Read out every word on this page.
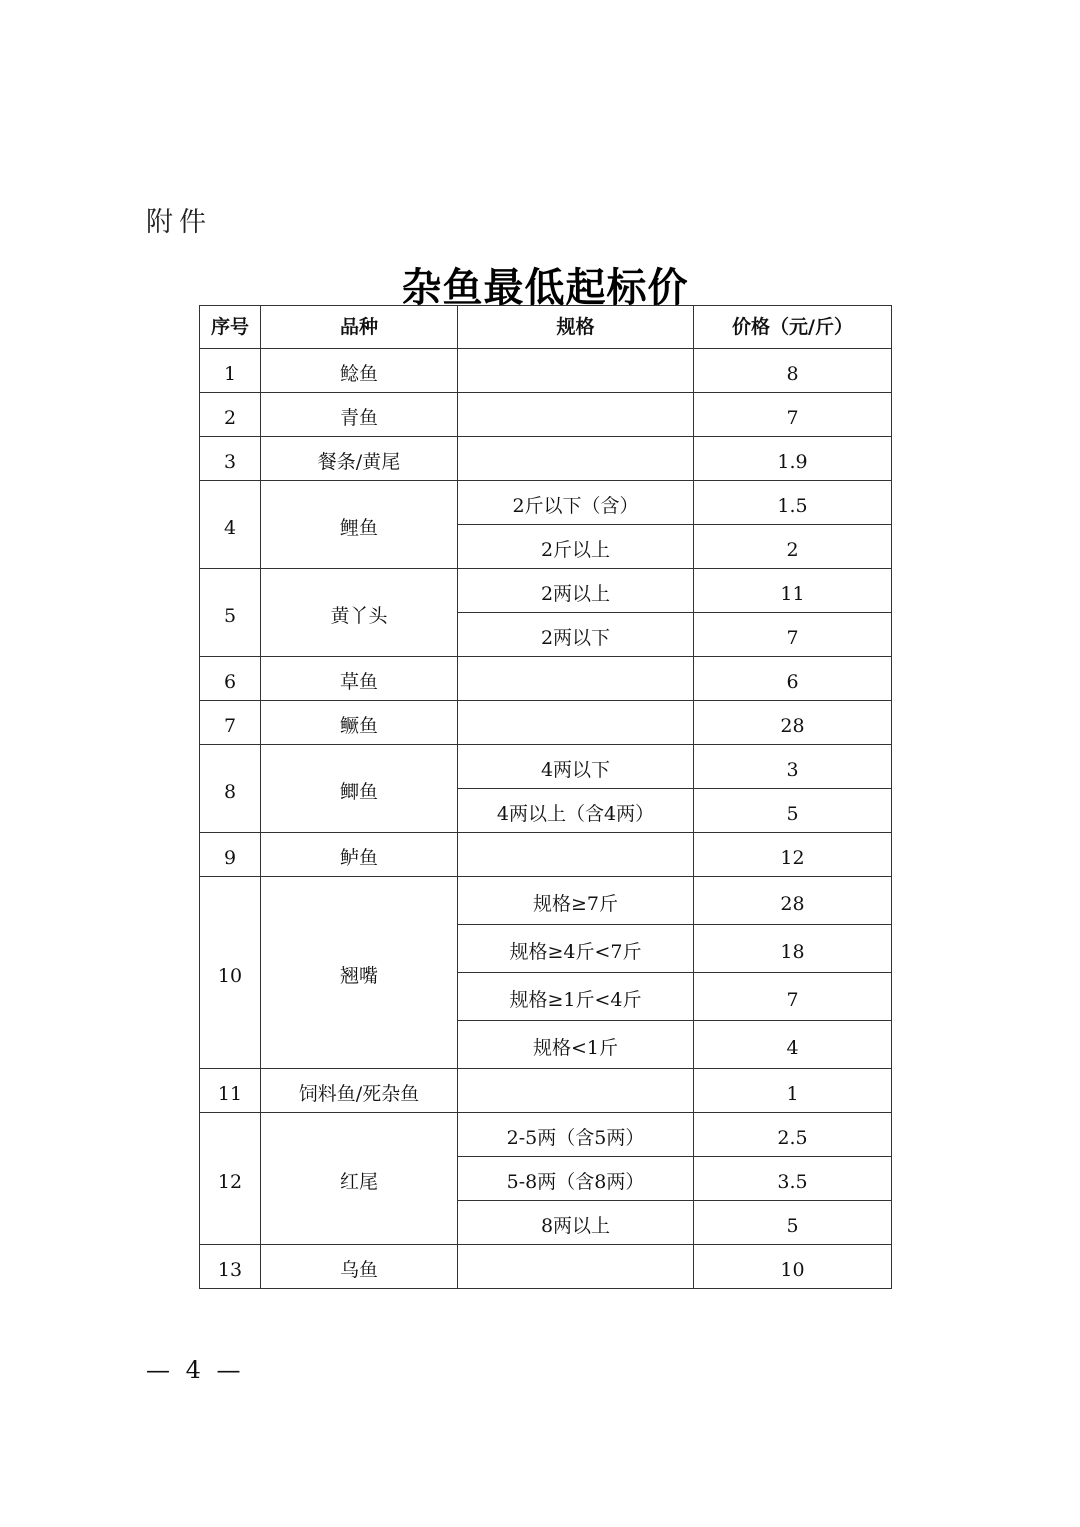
附件
杂鱼最低起标价
序号	品种	规格	价格（元/斤）
1	鲶鱼		8
2	青鱼		7
3	餐条/黄尾		1.9
4	鲤鱼	2斤以下（含）	1.5
		2斤以上	2
5	黄丫头	2两以上	11
		2两以下	7
6	草鱼		6
7	鳜鱼		28
8	鲫鱼	4两以下	3
		4两以上（含4两）	5
9	鲈鱼		12
10	翘嘴	规格≥7斤	28
		规格≥4斤<7斤	18
		规格≥1斤<4斤	7
		规格<1斤	4
11	饲料鱼/死杂鱼		1
12	红尾	2-5两（含5两）	2.5
		5-8两（含8两）	3.5
		8两以上	5
13	乌鱼		10
— 4 —
